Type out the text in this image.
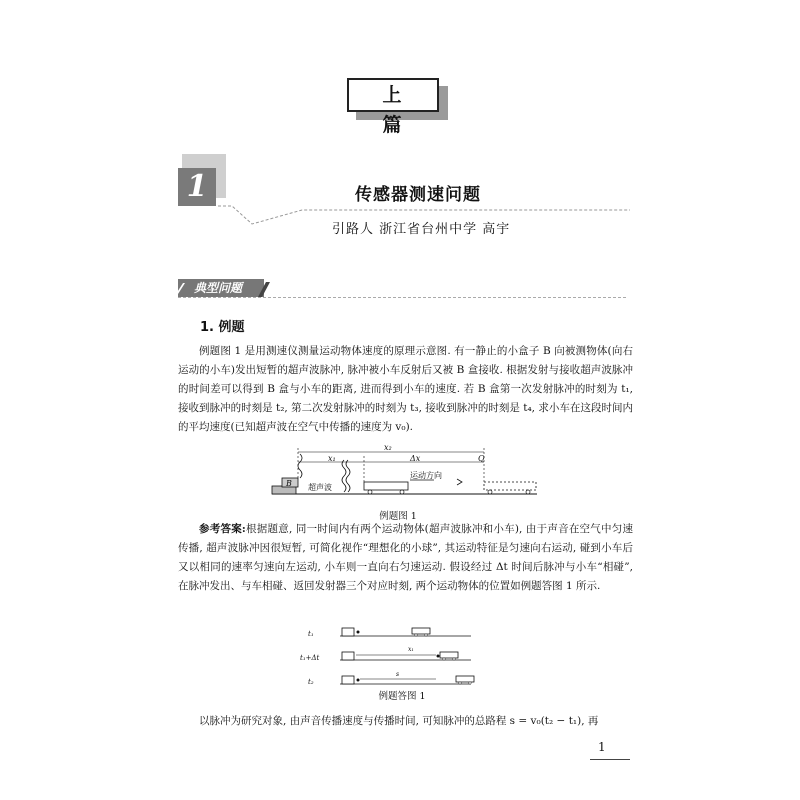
上篇
1	传感器测速问题
引路人 浙江省台州中学 高宇
典型问题
1. 例题
例题图 1 是用测速仪测量运动物体速度的原理示意图. 有一静止的小盒子 B 向被测物体(向右运动的小车)发出短暂的超声波脉冲, 脉冲被小车反射后又被 B 盒接收. 根据发射与接收超声波脉冲的时间差可以得到 B 盒与小车的距离, 进而得到小车的速度. 若 B 盒第一次发射脉冲的时刻为 t₁, 接收到脉冲的时刻是 t₂, 第二次发射脉冲的时刻为 t₃, 接收到脉冲的时刻是 t₄, 求小车在这段时间内的平均速度(已知超声波在空气中传播的速度为 v₀).
B 超声波
运动方向
x₂
x₁	Δx	Q
例题图 1
参考答案:根据题意, 同一时间内有两个运动物体(超声波脉冲和小车), 由于声音在空气中匀速传播, 超声波脉冲因很短暂, 可简化视作“理想化的小球”, 其运动特征是匀速向右运动, 碰到小车后又以相同的速率匀速向左运动, 小车则一直向右匀速运动. 假设经过 Δt 时间后脉冲与小车“相碰”, 在脉冲发出、与车相碰、返回发射器三个对应时刻, 两个运动物体的位置如例题答图 1 所示.
t₁
t₁+Δt
x₁
t₂
s
例题答图 1
以脉冲为研究对象, 由声音传播速度与传播时间, 可知脉冲的总路程 s = v₀(t₂ − t₁), 再
1
